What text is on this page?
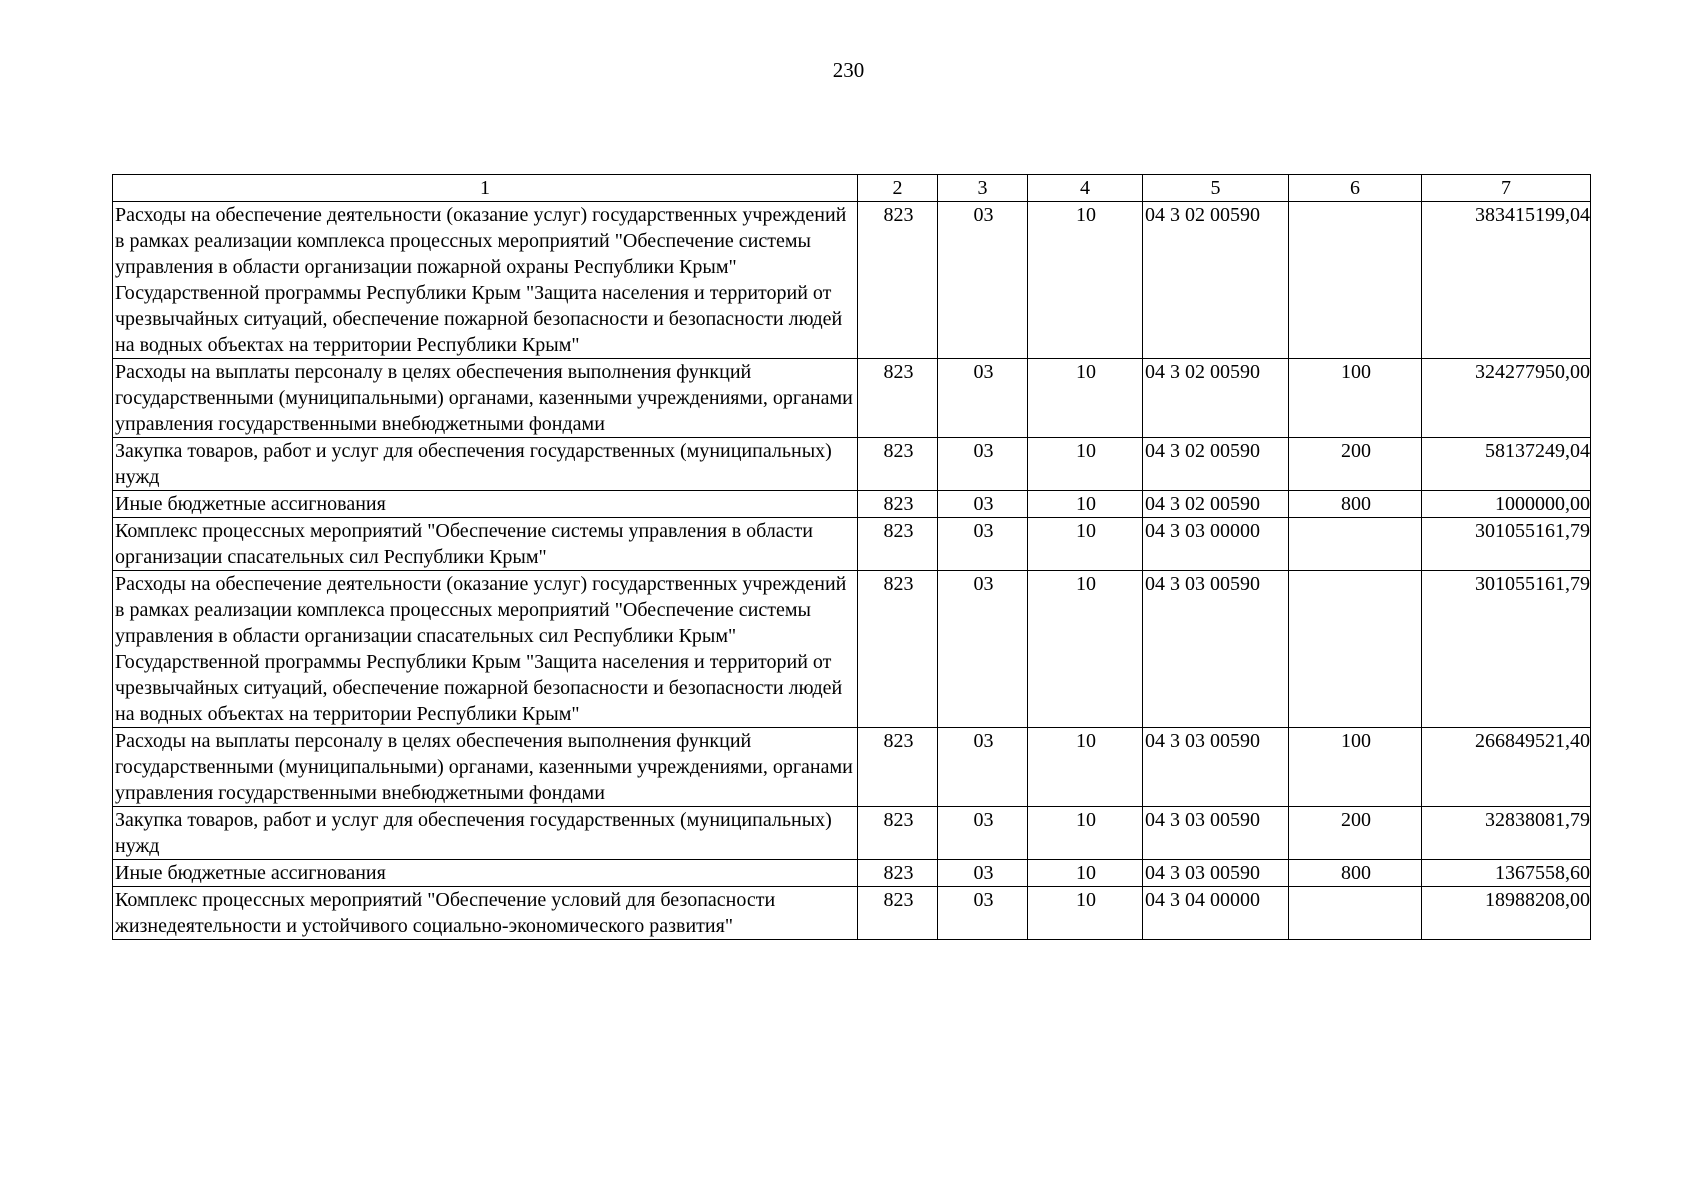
230
1	2	3	4	5	6	7
Расходы на обеспечение деятельности (оказание услуг) государственных учреждений в рамках реализации комплекса процессных мероприятий "Обеспечение системы управления в области организации пожарной охраны Республики Крым" Государственной программы Республики Крым "Защита населения и территорий от чрезвычайных ситуаций, обеспечение пожарной безопасности и безопасности людей на водных объектах на территории Республики Крым"	823	03	10	04 3 02 00590		383415199,04
Расходы на выплаты персоналу в целях обеспечения выполнения функций государственными (муниципальными) органами, казенными учреждениями, органами управления государственными внебюджетными фондами	823	03	10	04 3 02 00590	100	324277950,00
Закупка товаров, работ и услуг для обеспечения государственных (муниципальных) нужд	823	03	10	04 3 02 00590	200	58137249,04
Иные бюджетные ассигнования	823	03	10	04 3 02 00590	800	1000000,00
Комплекс процессных мероприятий "Обеспечение системы управления в области организации спасательных сил Республики Крым"	823	03	10	04 3 03 00000		301055161,79
Расходы на обеспечение деятельности (оказание услуг) государственных учреждений в рамках реализации комплекса процессных мероприятий "Обеспечение системы управления в области организации спасательных сил Республики Крым" Государственной программы Республики Крым "Защита населения и территорий от чрезвычайных ситуаций, обеспечение пожарной безопасности и безопасности людей на водных объектах на территории Республики Крым"	823	03	10	04 3 03 00590		301055161,79
Расходы на выплаты персоналу в целях обеспечения выполнения функций государственными (муниципальными) органами, казенными учреждениями, органами управления государственными внебюджетными фондами	823	03	10	04 3 03 00590	100	266849521,40
Закупка товаров, работ и услуг для обеспечения государственных (муниципальных) нужд	823	03	10	04 3 03 00590	200	32838081,79
Иные бюджетные ассигнования	823	03	10	04 3 03 00590	800	1367558,60
Комплекс процессных мероприятий "Обеспечение условий для безопасности жизнедеятельности и устойчивого социально-экономического развития"	823	03	10	04 3 04 00000		18988208,00
